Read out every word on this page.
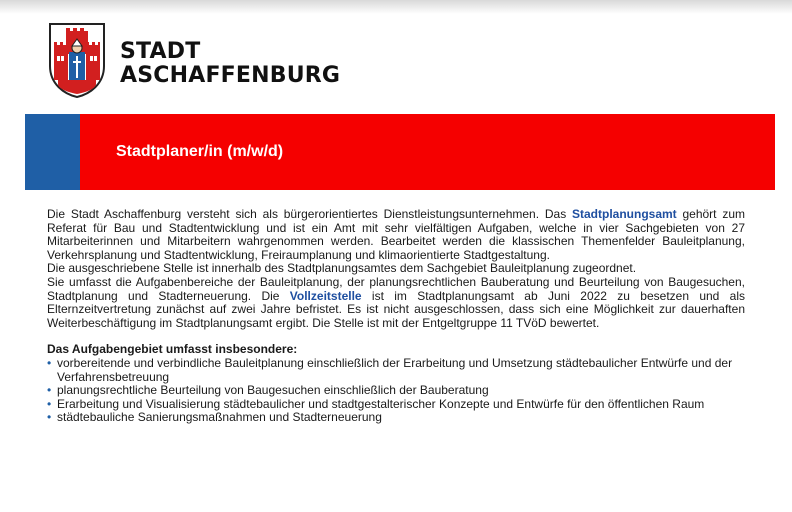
STADT
ASCHAFFENBURG
Stadtplaner/in (m/w/d)

Die Stadt Aschaffenburg versteht sich als bürgerorientiertes Dienstleistungsunternehmen. Das Stadtplanungsamt gehört zum Referat für Bau und Stadtentwicklung und ist ein Amt mit sehr vielfältigen Aufgaben, welche in vier Sachgebieten von 27 Mitarbeiterinnen und Mitarbeitern wahrgenommen werden. Bearbeitet werden die klassischen Themenfelder Bauleitplanung, Verkehrsplanung und Stadtentwicklung, Freiraumplanung und klimaorientierte Stadtgestaltung.

Die ausgeschriebene Stelle ist innerhalb des Stadtplanungsamtes dem Sachgebiet Bauleitplanung zugeordnet.

Sie umfasst die Aufgabenbereiche der Bauleitplanung, der planungsrechtlichen Bauberatung und Beurteilung von Baugesuchen, Stadtplanung und Stadterneuerung. Die Vollzeitstelle ist im Stadtplanungsamt ab Juni 2022 zu besetzen und als Elternzeitvertretung zunächst auf zwei Jahre befristet. Es ist nicht ausgeschlossen, dass sich eine Möglichkeit zur dauerhaften Weiterbeschäftigung im Stadtplanungsamt ergibt. Die Stelle ist mit der Entgeltgruppe 11 TVöD bewertet.

Das Aufgabengebiet umfasst insbesondere:

• vorbereitende und verbindliche Bauleitplanung einschließlich der Erarbeitung und Umsetzung städtebaulicher Entwürfe und der Verfahrensbetreuung
• planungsrechtliche Beurteilung von Baugesuchen einschließlich der Bauberatung
• Erarbeitung und Visualisierung städtebaulicher und stadtgestalterischer Konzepte und Entwürfe für den öffentlichen Raum
• städtebauliche Sanierungsmaßnahmen und Stadterneuerung
